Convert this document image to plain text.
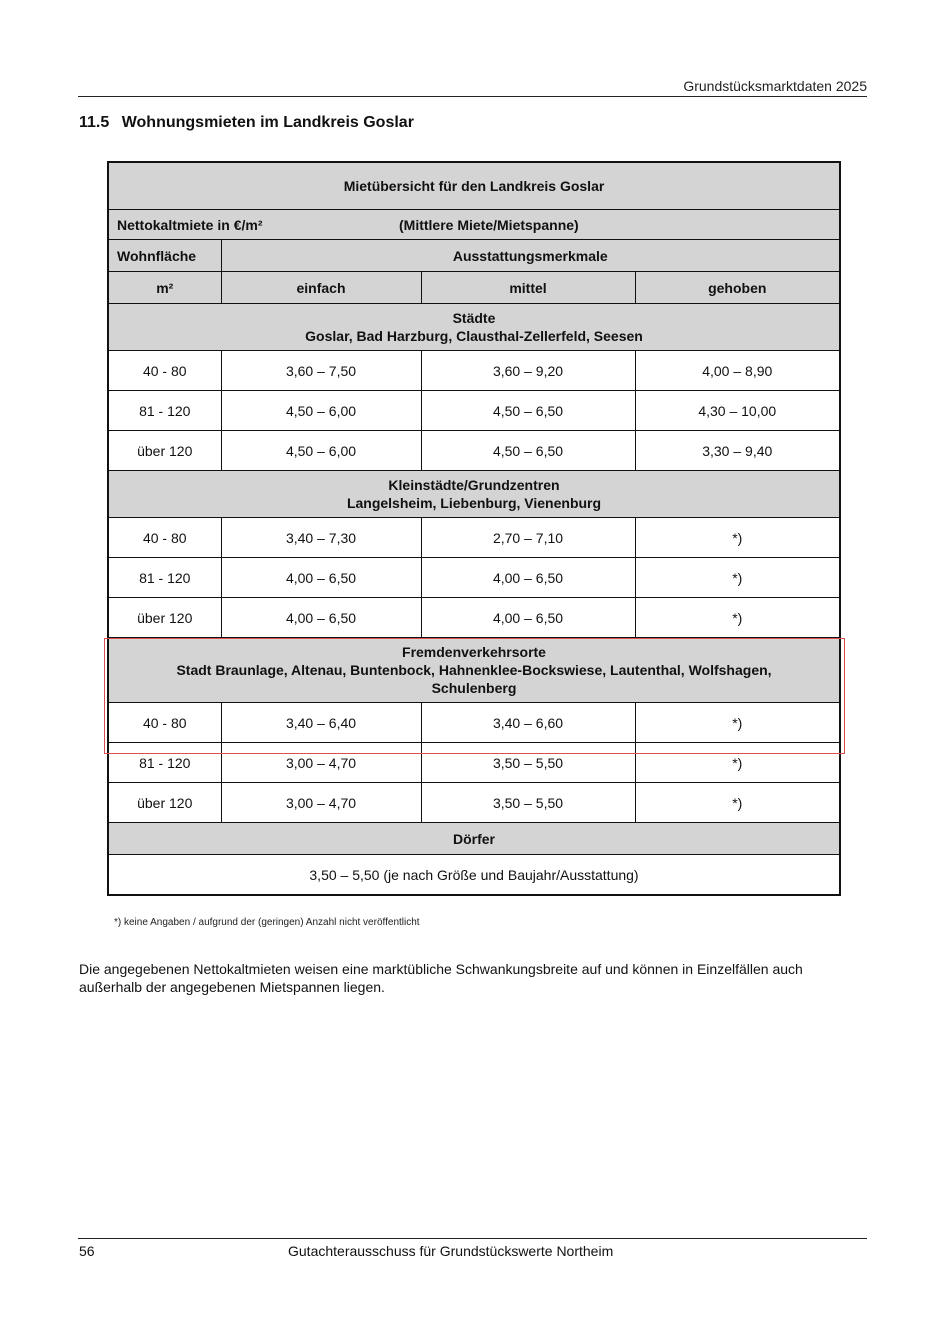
Grundstücksmarktdaten 2025
11.5 Wohnungsmieten im Landkreis Goslar
Mietübersicht für den Landkreis Goslar			
Nettokaltmiete in €/m² (Mittlere Miete/Mietspanne)			

Wohnfläche	Ausstattungsmerkmale		
m²	einfach	mittel	gehoben

Städte
Goslar, Bad Harzburg, Clausthal-Zellerfeld, Seesen			

40 - 80	3,60 – 7,50	3,60 – 9,20	4,00 – 8,90
81 - 120	4,50 – 6,00	4,50 – 6,50	4,30 – 10,00
über 120	4,50 – 6,00	4,50 – 6,50	3,30 – 9,40

Kleinstädte/Grundzentren
Langelsheim, Liebenburg, Vienenburg			

40 - 80	3,40 – 7,30	2,70 – 7,10	*)
81 - 120	4,00 – 6,50	4,00 – 6,50	*)
über 120	4,00 – 6,50	4,00 – 6,50	*)

Fremdenverkehrsorte
Stadt Braunlage, Altenau, Buntenbock, Hahnenklee-Bockswiese, Lautenthal, Wolfshagen,
Schulenberg			

40 - 80	3,40 – 6,40	3,40 – 6,60	*)
81 - 120	3,00 – 4,70	3,50 – 5,50	*)
über 120	3,00 – 4,70	3,50 – 5,50	*)
Dörfer			
3,50 – 5,50 (je nach Größe und Baujahr/Ausstattung)			
*) keine Angaben / aufgrund der (geringen) Anzahl nicht veröffentlicht
Die angegebenen Nettokaltmieten weisen eine marktübliche Schwankungsbreite auf und können in Einzelfällen auch außerhalb der angegebenen Mietspannen liegen.
56	Gutachterausschuss für Grundstückswerte Northeim
